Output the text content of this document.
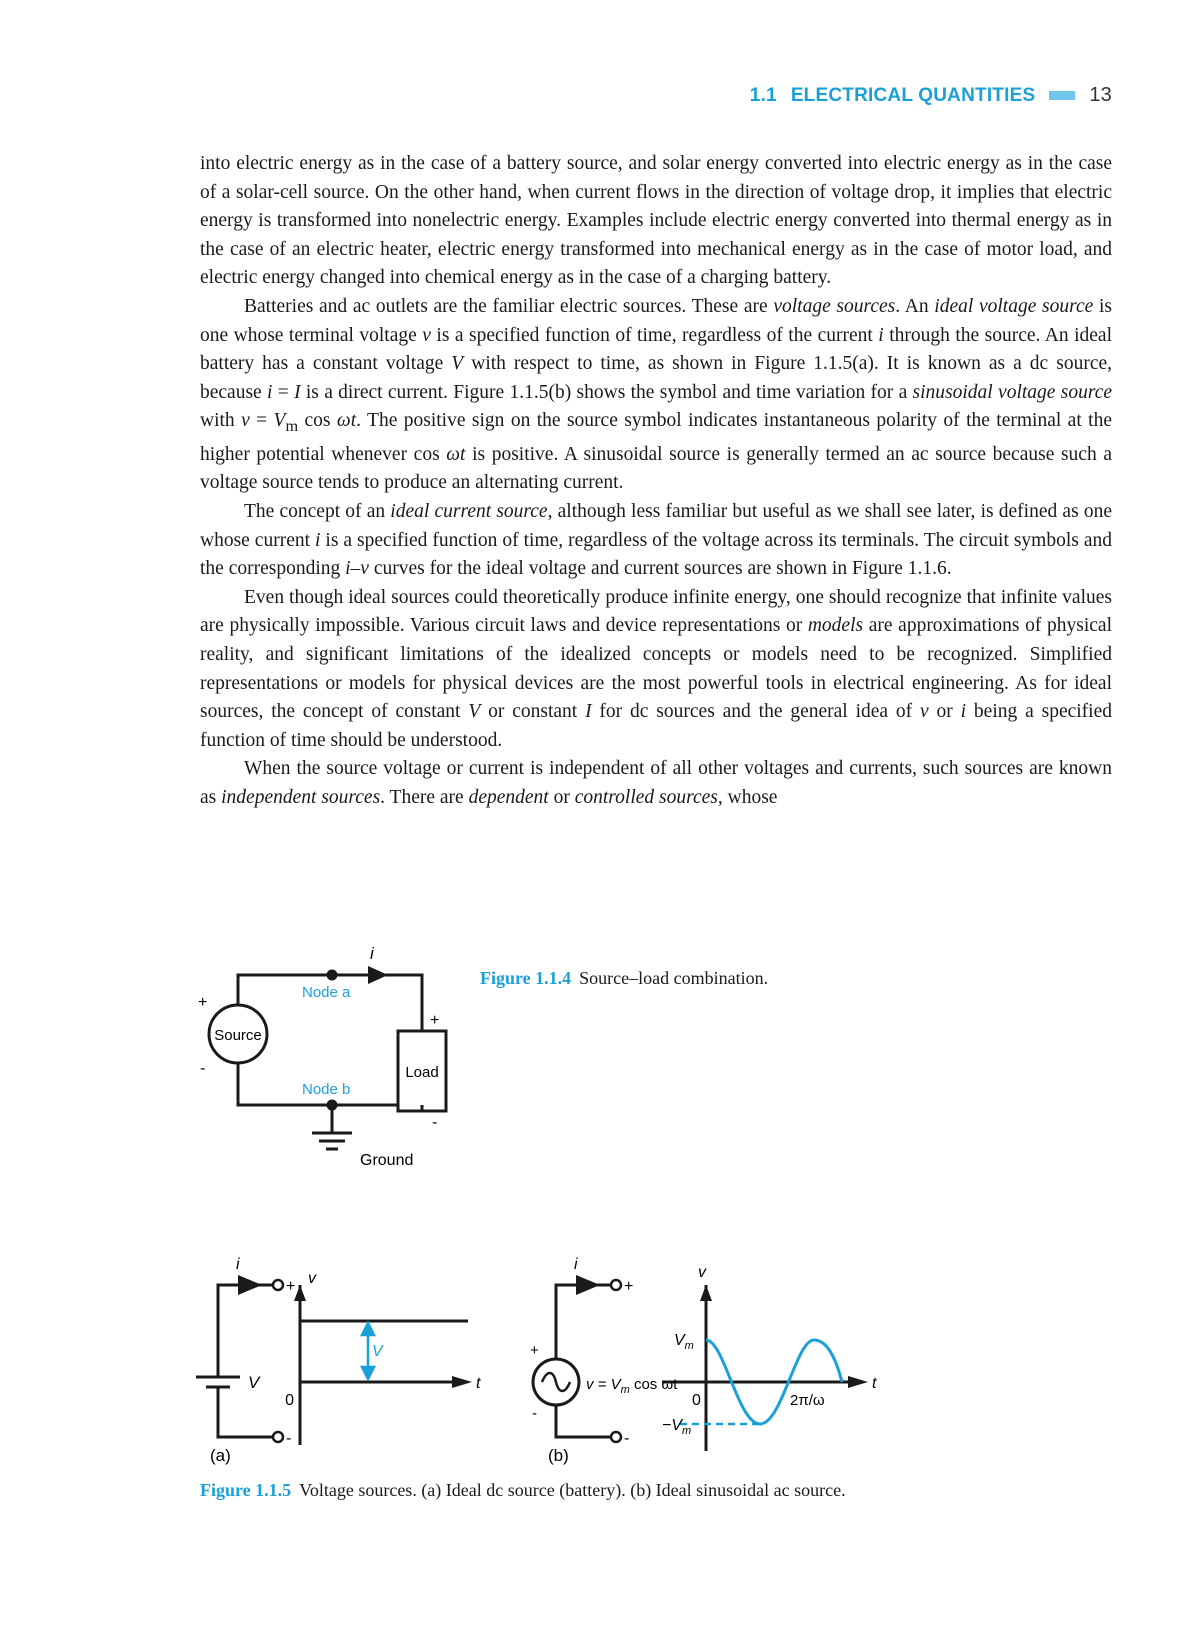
1.1 ELECTRICAL QUANTITIES	13

into electric energy as in the case of a battery source, and solar energy converted into electric energy as in the case of a solar-cell source. On the other hand, when current flows in the direction of voltage drop, it implies that electric energy is transformed into nonelectric energy. Examples include electric energy converted into thermal energy as in the case of an electric heater, electric energy transformed into mechanical energy as in the case of motor load, and electric energy changed into chemical energy as in the case of a charging battery.

Batteries and ac outlets are the familiar electric sources. These are voltage sources. An ideal voltage source is one whose terminal voltage v is a specified function of time, regardless of the current i through the source. An ideal battery has a constant voltage V with respect to time, as shown in Figure 1.1.5(a). It is known as a dc source, because i = I is a direct current. Figure 1.1.5(b) shows the symbol and time variation for a sinusoidal voltage source with $v = V_m$ cos ωt. The positive sign on the source symbol indicates instantaneous polarity of the terminal at the higher potential whenever cos ωt is positive. A sinusoidal source is generally termed an ac source because such a voltage source tends to produce an alternating current.

The concept of an ideal current source, although less familiar but useful as we shall see later, is defined as one whose current i is a specified function of time, regardless of the voltage across its terminals. The circuit symbols and the corresponding i–v curves for the ideal voltage and current sources are shown in Figure 1.1.6.

Even though ideal sources could theoretically produce infinite energy, one should recognize that infinite values are physically impossible. Various circuit laws and device representations or models are approximations of physical reality, and significant limitations of the idealized concepts or models need to be recognized. Simplified representations or models for physical devices are the most powerful tools in electrical engineering. As for ideal sources, the concept of constant V or constant I for dc sources and the general idea of v or i being a specified function of time should be understood.

When the source voltage or current is independent of all other voltages and currents, such sources are known as independent sources. There are dependent or controlled sources, whose

i
Node a
Node b
Source
Load
+
-
+
-
Ground
Figure 1.1.4 Source–load combination.
i
+
-
V
v
t
0
V
(a)
i
+
-
+
-
$v = V_m$ cos ωt
v
t
0
$V_m$
$-V_m$
2π/ω
(b)
Figure 1.1.5 Voltage sources. (a) Ideal dc source (battery). (b) Ideal sinusoidal ac source.
